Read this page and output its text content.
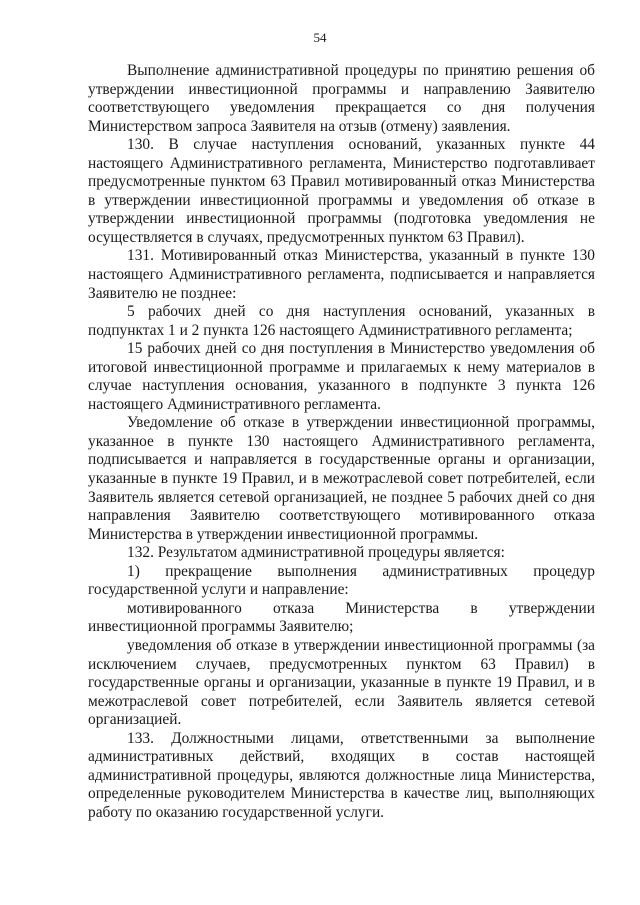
54

Выполнение административной процедуры по принятию решения об утверждении инвестиционной программы и направлению Заявителю соответствующего уведомления прекращается со дня получения Министерством запроса Заявителя на отзыв (отмену) заявления.

130. В случае наступления оснований, указанных пункте 44 настоящего Административного регламента, Министерство подготавливает предусмотренные пунктом 63 Правил мотивированный отказ Министерства в утверждении инвестиционной программы и уведомления об отказе в утверждении инвестиционной программы (подготовка уведомления не осуществляется в случаях, предусмотренных пунктом 63 Правил).

131. Мотивированный отказ Министерства, указанный в пункте 130 настоящего Административного регламента, подписывается и направляется Заявителю не позднее:

5 рабочих дней со дня наступления оснований, указанных в подпунктах 1 и 2 пункта 126 настоящего Административного регламента;

15 рабочих дней со дня поступления в Министерство уведомления об итоговой инвестиционной программе и прилагаемых к нему материалов в случае наступления основания, указанного в подпункте 3 пункта 126 настоящего Административного регламента.

Уведомление об отказе в утверждении инвестиционной программы, указанное в пункте 130 настоящего Административного регламента, подписывается и направляется в государственные органы и организации, указанные в пункте 19 Правил, и в межотраслевой совет потребителей, если Заявитель является сетевой организацией, не позднее 5 рабочих дней со дня направления Заявителю соответствующего мотивированного отказа Министерства в утверждении инвестиционной программы.

132. Результатом административной процедуры является:

1) прекращение выполнения административных процедур государственной услуги и направление:

мотивированного отказа Министерства в утверждении инвестиционной программы Заявителю;

уведомления об отказе в утверждении инвестиционной программы (за исключением случаев, предусмотренных пунктом 63 Правил) в государственные органы и организации, указанные в пункте 19 Правил, и в межотраслевой совет потребителей, если Заявитель является сетевой организацией.

133. Должностными лицами, ответственными за выполнение административных действий, входящих в состав настоящей административной процедуры, являются должностные лица Министерства, определенные руководителем Министерства в качестве лиц, выполняющих работу по оказанию государственной услуги.
